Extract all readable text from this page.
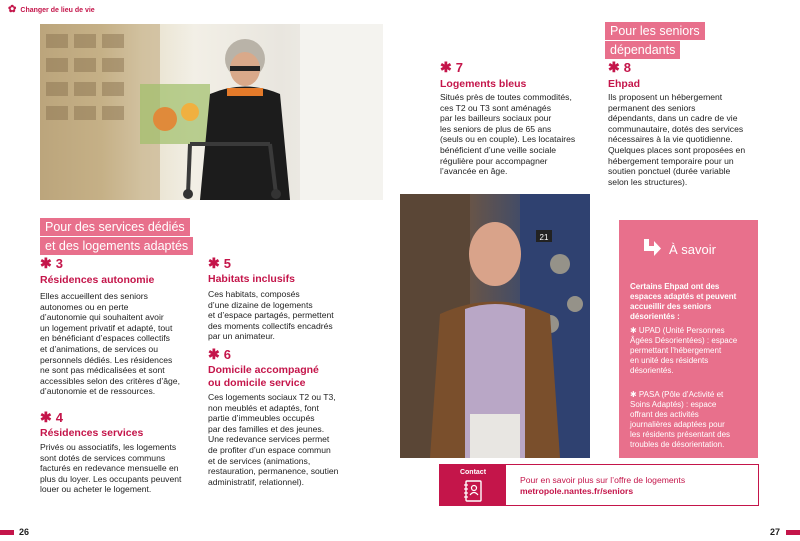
✿ Changer de lieu de vie
Pour des services dédiés
et des logements adaptés
✱ 3
Résidences autonomie
Elles accueillent des seniors
autonomes ou en perte
d’autonomie qui souhaitent avoir
un logement privatif et adapté, tout
en bénéficiant d’espaces collectifs
et d’animations, de services ou
personnels dédiés. Les résidences
ne sont pas médicalisées et sont
accessibles selon des critères d’âge,
d’autonomie et de ressources.
✱ 4
Résidences services
Privés ou associatifs, les logements
sont dotés de services communs
facturés en redevance mensuelle en
plus du loyer. Les occupants peuvent
louer ou acheter le logement.
✱ 5
Habitats inclusifs
Ces habitats, composés
d’une dizaine de logements
et d’espace partagés, permettent
des moments collectifs encadrés
par un animateur.
✱ 6
Domicile accompagné
ou domicile service
Ces logements sociaux T2 ou T3,
non meublés et adaptés, font
partie d’immeubles occupés
par des familles et des jeunes.
Une redevance services permet
de profiter d’un espace commun
et de services (animations,
restauration, permanence, soutien
administratif, relationnel).
✱ 7
Logements bleus
Situés près de toutes commodités,
ces T2 ou T3 sont aménagés
par les bailleurs sociaux pour
les seniors de plus de 65 ans
(seuls ou en couple). Les locataires
bénéficient d’une veille sociale
régulière pour accompagner
l’avancée en âge.
Pour les seniors
dépendants
✱ 8
Ehpad
Ils proposent un hébergement
permanent des seniors
dépendants, dans un cadre de vie
communautaire, dotés des services
nécessaires à la vie quotidienne.
Quelques places sont proposées en
hébergement temporaire pour un
soutien ponctuel (durée variable
selon les structures).
21
À savoir

Certains Ehpad ont des
espaces adaptés et peuvent
accueillir des seniors
désorientés :

✱ UPAD (Unité Personnes
Âgées Désorientées) : espace
permettant l’hébergement
en unité des résidents
désorientés.

✱ PASA (Pôle d’Activité et
Soins Adaptés) : espace
offrant des activités
journalières adaptées pour
les résidents présentant des
troubles de désorientation.

Contact
Pour en savoir plus sur l’offre de logements
metropole.nantes.fr/seniors
26	27
